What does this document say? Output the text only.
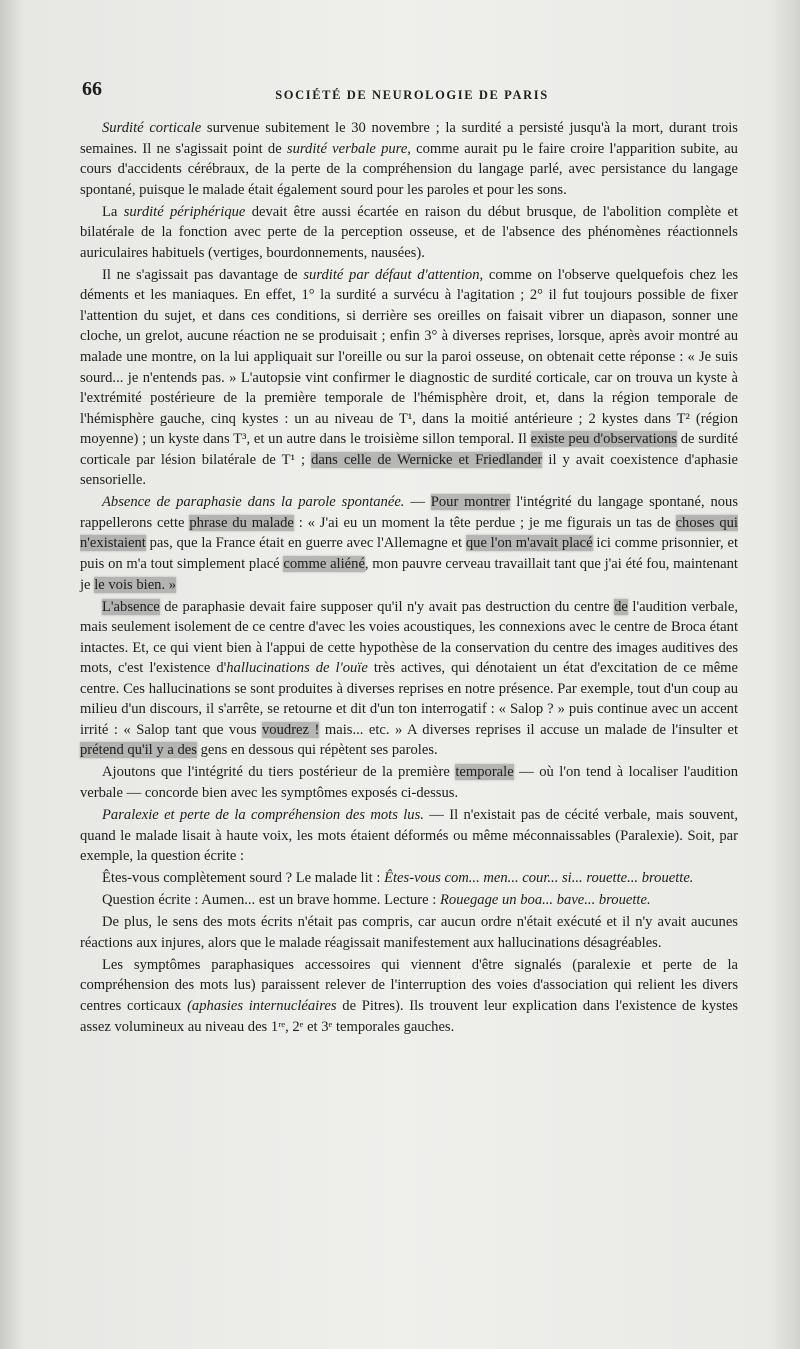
66	SOCIÉTÉ DE NEUROLOGIE DE PARIS

Surdité corticale survenue subitement le 30 novembre ; la surdité a persisté jusqu'à la mort, durant trois semaines. Il ne s'agissait point de surdité verbale pure, comme aurait pu le faire croire l'apparition subite, au cours d'accidents cérébraux, de la perte de la compréhension du langage parlé, avec persistance du langage spontané, puisque le malade était également sourd pour les paroles et pour les sons.

La surdité périphérique devait être aussi écartée en raison du début brusque, de l'abolition complète et bilatérale de la fonction avec perte de la perception osseuse, et de l'absence des phénomènes réactionnels auriculaires habituels (vertiges, bourdonnements, nausées).

Il ne s'agissait pas davantage de surdité par défaut d'attention, comme on l'observe quelquefois chez les déments et les maniaques. En effet, 1° la surdité a survécu à l'agitation ; 2° il fut toujours possible de fixer l'attention du sujet, et dans ces conditions, si derrière ses oreilles on faisait vibrer un diapason, sonner une cloche, un grelot, aucune réaction ne se produisait ; enfin 3° à diverses reprises, lorsque, après avoir montré au malade une montre, on la lui appliquait sur l'oreille ou sur la paroi osseuse, on obtenait cette réponse : « Je suis sourd... je n'entends pas. » L'autopsie vint confirmer le diagnostic de surdité corticale, car on trouva un kyste à l'extrémité postérieure de la première temporale de l'hémisphère droit, et, dans la région temporale de l'hémisphère gauche, cinq kystes : un au niveau de T¹, dans la moitié antérieure ; 2 kystes dans T² (région moyenne) ; un kyste dans T³, et un autre dans le troisième sillon temporal. Il existe peu d'observations de surdité corticale par lésion bilatérale de T¹ ; dans celle de Wernicke et Friedlander il y avait coexistence d'aphasie sensorielle.

Absence de paraphasie dans la parole spontanée. — Pour montrer l'intégrité du langage spontané, nous rappellerons cette phrase du malade : « J'ai eu un moment la tête perdue ; je me figurais un tas de choses qui n'existaient pas, que la France était en guerre avec l'Allemagne et que l'on m'avait placé ici comme prisonnier, et puis on m'a tout simplement placé comme aliéné, mon pauvre cerveau travaillait tant que j'ai été fou, maintenant je le vois bien. »

L'absence de paraphasie devait faire supposer qu'il n'y avait pas destruction du centre de l'audition verbale, mais seulement isolement de ce centre d'avec les voies acoustiques, les connexions avec le centre de Broca étant intactes. Et, ce qui vient bien à l'appui de cette hypothèse de la conservation du centre des images auditives des mots, c'est l'existence d'hallucinations de l'ouïe très actives, qui dénotaient un état d'excitation de ce même centre. Ces hallucinations se sont produites à diverses reprises en notre présence. Par exemple, tout d'un coup au milieu d'un discours, il s'arrête, se retourne et dit d'un ton interrogatif : « Salop ? » puis continue avec un accent irrité : « Salop tant que vous voudrez ! mais... etc. » A diverses reprises il accuse un malade de l'insulter et prétend qu'il y a des gens en dessous qui répètent ses paroles.

Ajoutons que l'intégrité du tiers postérieur de la première temporale — où l'on tend à localiser l'audition verbale — concorde bien avec les symptômes exposés ci-dessus.

Paralexie et perte de la compréhension des mots lus. — Il n'existait pas de cécité verbale, mais souvent, quand le malade lisait à haute voix, les mots étaient déformés ou même méconnaissables (Paralexie). Soit, par exemple, la question écrite :

Êtes-vous complètement sourd ? Le malade lit : Êtes-vous com... men... cour... si... rouette... brouette.

Question écrite : Aumen... est un brave homme. Lecture : Rouegage un boa... bave... brouette.

De plus, le sens des mots écrits n'était pas compris, car aucun ordre n'était exécuté et il n'y avait aucunes réactions aux injures, alors que le malade réagissait manifestement aux hallucinations désagréables.

Les symptômes paraphasiques accessoires qui viennent d'être signalés (paralexie et perte de la compréhension des mots lus) paraissent relever de l'interruption des voies d'association qui relient les divers centres corticaux (aphasies internucléaires de Pitres). Ils trouvent leur explication dans l'existence de kystes assez volumineux au niveau des 1ʳᵉ, 2ᵉ et 3ᵉ temporales gauches.
